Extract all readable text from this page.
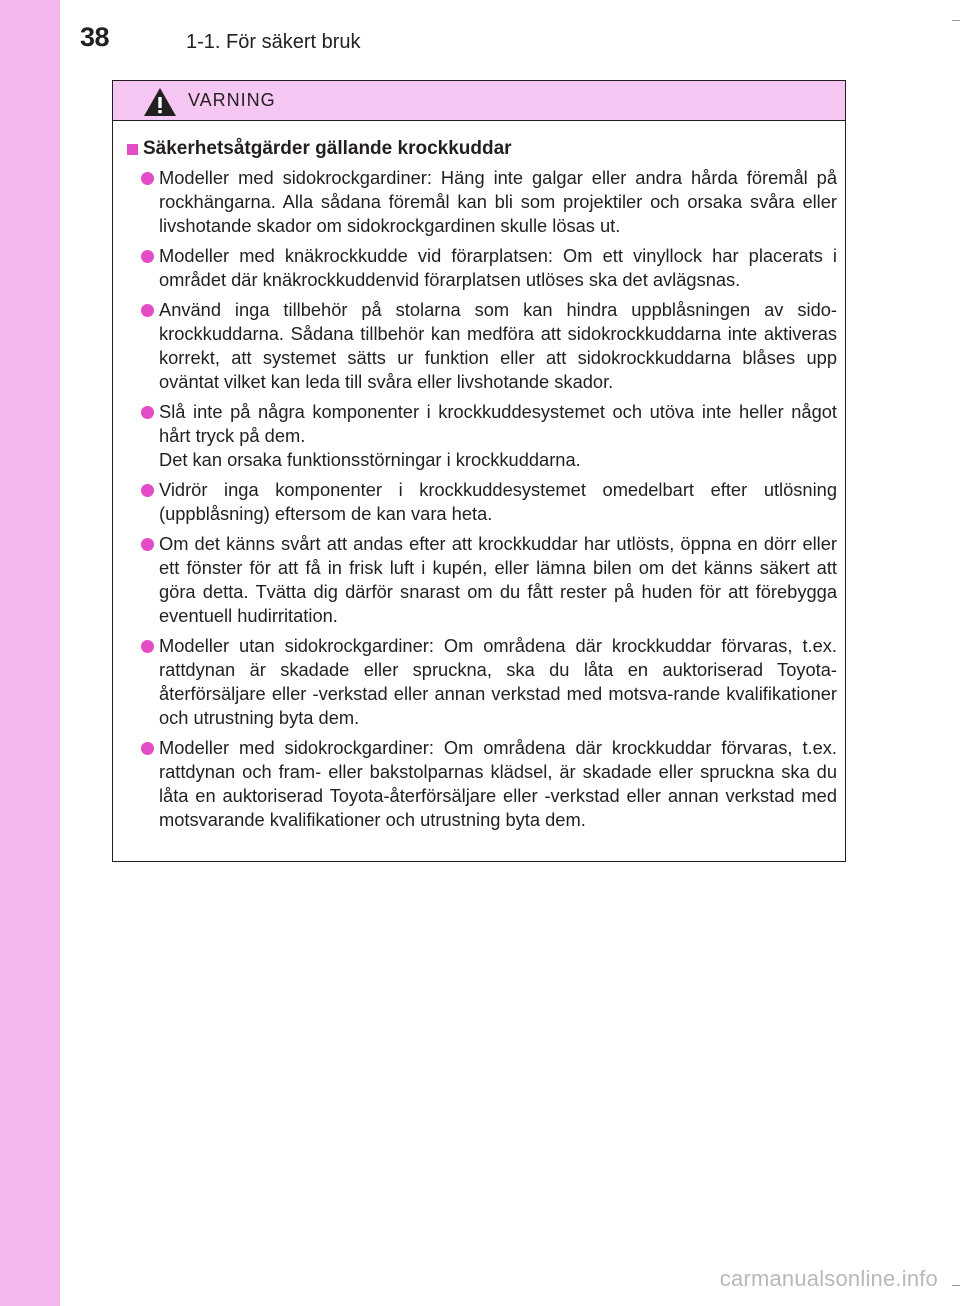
38	1-1. För säkert bruk
VARNING
Säkerhetsåtgärder gällande krockkuddar
Modeller med sidokrockgardiner: Häng inte galgar eller andra hårda föremål på rockhängarna. Alla sådana föremål kan bli som projektiler och orsaka svåra eller livshotande skador om sidokrockgardinen skulle lösas ut.
Modeller med knäkrockkudde vid förarplatsen: Om ett vinyllock har placerats i området där knäkrockkuddenvid förarplatsen utlöses ska det avlägsnas.
Använd inga tillbehör på stolarna som kan hindra uppblåsningen av sido-krockkuddarna. Sådana tillbehör kan medföra att sidokrockkuddarna inte aktiveras korrekt, att systemet sätts ur funktion eller att sidokrockkuddarna blåses upp oväntat vilket kan leda till svåra eller livshotande skador.
Slå inte på några komponenter i krockkuddesystemet och utöva inte heller något hårt tryck på dem.
Det kan orsaka funktionsstörningar i krockkuddarna.
Vidrör inga komponenter i krockkuddesystemet omedelbart efter utlösning (uppblåsning) eftersom de kan vara heta.
Om det känns svårt att andas efter att krockkuddar har utlösts, öppna en dörr eller ett fönster för att få in frisk luft i kupén, eller lämna bilen om det känns säkert att göra detta. Tvätta dig därför snarast om du fått rester på huden för att förebygga eventuell hudirritation.
Modeller utan sidokrockgardiner: Om områdena där krockkuddar förvaras, t.ex. rattdynan är skadade eller spruckna, ska du låta en auktoriserad Toyota-återförsäljare eller -verkstad eller annan verkstad med motsva-rande kvalifikationer och utrustning byta dem.
Modeller med sidokrockgardiner: Om områdena där krockkuddar förvaras, t.ex. rattdynan och fram- eller bakstolparnas klädsel, är skadade eller spruckna ska du låta en auktoriserad Toyota-återförsäljare eller -verkstad eller annan verkstad med motsvarande kvalifikationer och utrustning byta dem.
carmanualsonline.info
